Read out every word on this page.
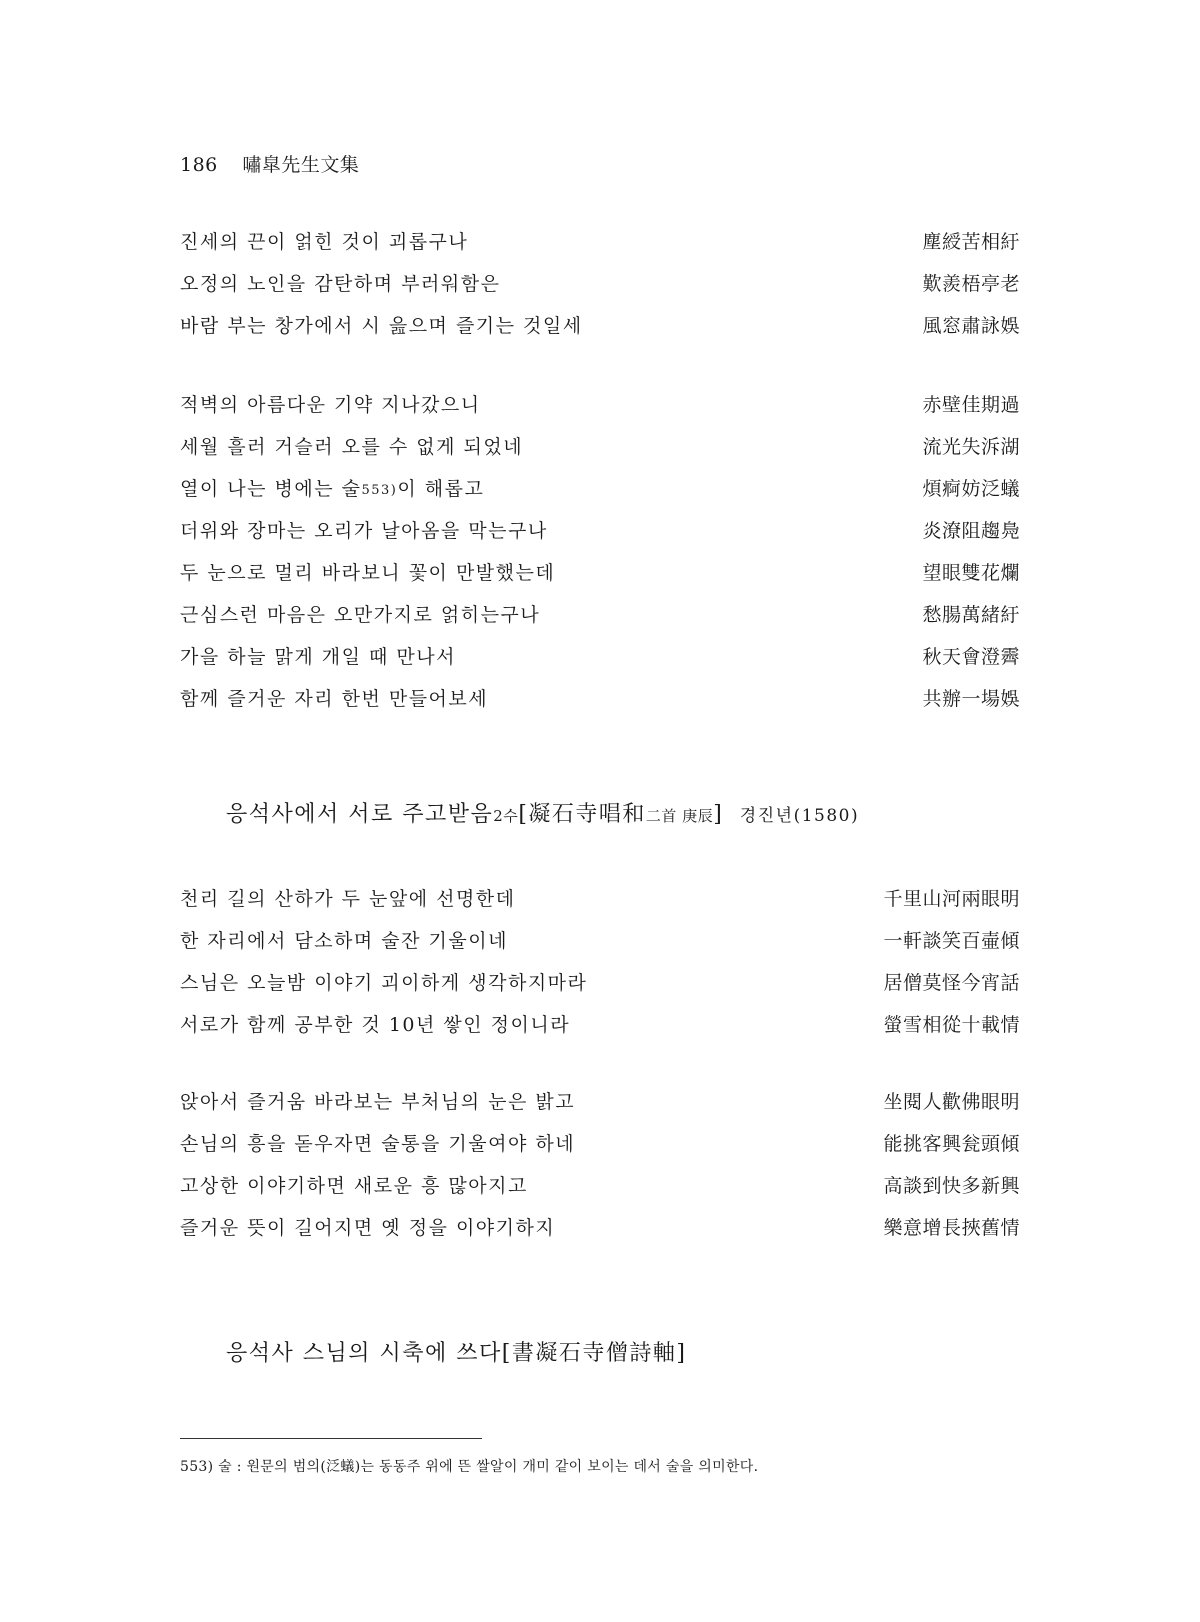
186 嘯皐先生文集
진세의 끈이 얽힌 것이 괴롭구나	塵綬苦相紆
오정의 노인을 감탄하며 부러워함은	歎羨梧亭老
바람 부는 창가에서 시 읊으며 즐기는 것일세	風窓肅詠娛
적벽의 아름다운 기약 지나갔으니	赤壁佳期過
세월 흘러 거슬러 오를 수 없게 되었네	流光失泝湖
열이 나는 병에는 술553)이 해롭고	煩痾妨泛蟻
더위와 장마는 오리가 날아옴을 막는구나	炎潦阻趨鳧
두 눈으로 멀리 바라보니 꽃이 만발했는데	望眼雙花爛
근심스런 마음은 오만가지로 얽히는구나	愁腸萬緒紆
가을 하늘 맑게 개일 때 만나서	秋天會澄霽
함께 즐거운 자리 한번 만들어보세	共辦一場娛
응석사에서 서로 주고받음2수[凝石寺唱和二首 庚辰] 경진년(1580)
천리 길의 산하가 두 눈앞에 선명한데	千里山河兩眼明
한 자리에서 담소하며 술잔 기울이네	一軒談笑百壷傾
스님은 오늘밤 이야기 괴이하게 생각하지마라	居僧莫怪今宵話
서로가 함께 공부한 것 10년 쌓인 정이니라	螢雪相從十載情
앉아서 즐거움 바라보는 부처님의 눈은 밝고	坐閱人歡佛眼明
손님의 흥을 돋우자면 술통을 기울여야 하네	能挑客興瓮頭傾
고상한 이야기하면 새로운 흥 많아지고	高談到快多新興
즐거운 뜻이 길어지면 옛 정을 이야기하지	樂意增長挾舊情
응석사 스님의 시축에 쓰다[書凝石寺僧詩軸]
553) 술 : 원문의 범의(泛蟻)는 동동주 위에 뜬 쌀알이 개미 같이 보이는 데서 술을 의미한다.
